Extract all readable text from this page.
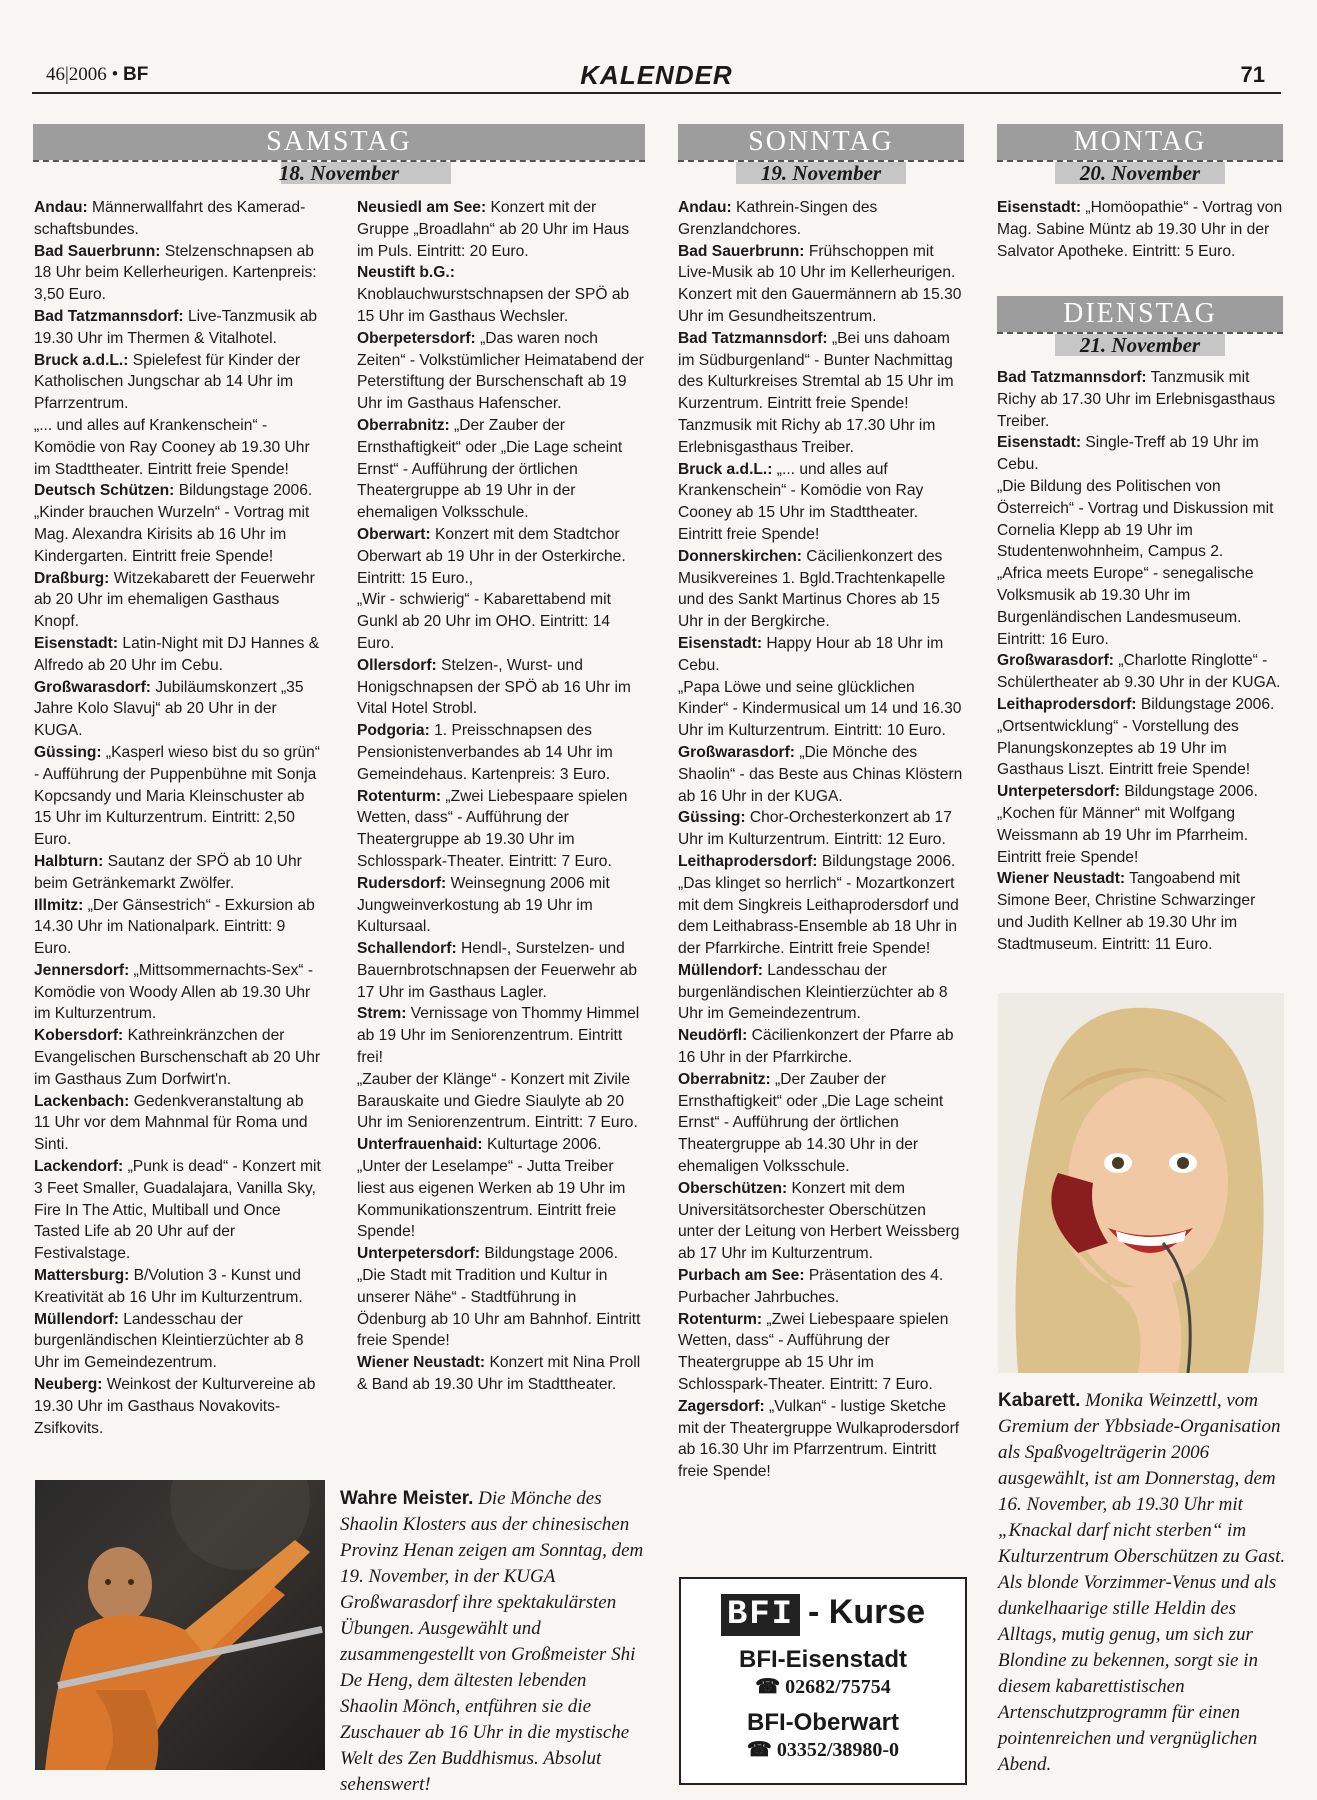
46|2006 • BF	KALENDER	71
SAMSTAG
18. November
SONNTAG
19. November
MONTAG
20. November
DIENSTAG
21. November

Andau: Männerwallfahrt des Kamerad-schaftsbundes.

Bad Sauerbrunn: Stelzenschnapsen ab 18 Uhr beim Kellerheurigen. Kartenpreis: 3,50 Euro.

Bad Tatzmannsdorf: Live-Tanzmusik ab 19.30 Uhr im Thermen & Vitalhotel.

Bruck a.d.L.: Spielefest für Kinder der Katholischen Jungschar ab 14 Uhr im Pfarrzentrum.

„... und alles auf Krankenschein“ - Komödie von Ray Cooney ab 19.30 Uhr im Stadttheater. Eintritt freie Spende!

Deutsch Schützen: Bildungstage 2006. „Kinder brauchen Wurzeln“ - Vortrag mit Mag. Alexandra Kirisits ab 16 Uhr im Kindergarten. Eintritt freie Spende!

Draßburg: Witzekabarett der Feuerwehr ab 20 Uhr im ehemaligen Gasthaus Knopf.

Eisenstadt: Latin-Night mit DJ Hannes & Alfredo ab 20 Uhr im Cebu.

Großwarasdorf: Jubiläumskonzert „35 Jahre Kolo Slavuj“ ab 20 Uhr in der KUGA.

Güssing: „Kasperl wieso bist du so grün“ - Aufführung der Puppenbühne mit Sonja Kopcsandy und Maria Kleinschuster ab 15 Uhr im Kulturzentrum. Eintritt: 2,50 Euro.

Halbturn: Sautanz der SPÖ ab 10 Uhr beim Getränkemarkt Zwölfer.

Illmitz: „Der Gänsestrich“ - Exkursion ab 14.30 Uhr im Nationalpark. Eintritt: 9 Euro.

Jennersdorf: „Mittsommernachts-Sex“ - Komödie von Woody Allen ab 19.30 Uhr im Kulturzentrum.

Kobersdorf: Kathreinkränzchen der Evangelischen Burschenschaft ab 20 Uhr im Gasthaus Zum Dorfwirt'n.

Lackenbach: Gedenkveranstaltung ab 11 Uhr vor dem Mahnmal für Roma und Sinti.

Lackendorf: „Punk is dead“ - Konzert mit 3 Feet Smaller, Guadalajara, Vanilla Sky, Fire In The Attic, Multiball und Once Tasted Life ab 20 Uhr auf der Festivalstage.

Mattersburg: B/Volution 3 - Kunst und Kreativität ab 16 Uhr im Kulturzentrum.

Müllendorf: Landesschau der burgenländischen Kleintierzüchter ab 8 Uhr im Gemeindezentrum.

Neuberg: Weinkost der Kulturvereine ab 19.30 Uhr im Gasthaus Novakovits-Zsifkovits.

Neusiedl am See: Konzert mit der Gruppe „Broadlahn“ ab 20 Uhr im Haus im Puls. Eintritt: 20 Euro.

Neustift b.G.: Knoblauchwurstschnapsen der SPÖ ab 15 Uhr im Gasthaus Wechsler.

Oberpetersdorf: „Das waren noch Zeiten“ - Volkstümlicher Heimatabend der Peterstiftung der Burschenschaft ab 19 Uhr im Gasthaus Hafenscher.

Oberrabnitz: „Der Zauber der Ernsthaftigkeit“ oder „Die Lage scheint Ernst“ - Aufführung der örtlichen Theatergruppe ab 19 Uhr in der ehemaligen Volksschule.

Oberwart: Konzert mit dem Stadtchor Oberwart ab 19 Uhr in der Osterkirche. Eintritt: 15 Euro.,

„Wir - schwierig“ - Kabarettabend mit Gunkl ab 20 Uhr im OHO. Eintritt: 14 Euro.

Ollersdorf: Stelzen-, Wurst- und Honigschnapsen der SPÖ ab 16 Uhr im Vital Hotel Strobl.

Podgoria: 1. Preisschnapsen des Pensionistenverbandes ab 14 Uhr im Gemeindehaus. Kartenpreis: 3 Euro.

Rotenturm: „Zwei Liebespaare spielen Wetten, dass“ - Aufführung der Theatergruppe ab 19.30 Uhr im Schlosspark-Theater. Eintritt: 7 Euro.

Rudersdorf: Weinsegnung 2006 mit Jungweinverkostung ab 19 Uhr im Kultursaal.

Schallendorf: Hendl-, Surstelzen- und Bauernbrotschnapsen der Feuerwehr ab 17 Uhr im Gasthaus Lagler.

Strem: Vernissage von Thommy Himmel ab 19 Uhr im Seniorenzentrum. Eintritt frei!

„Zauber der Klänge“ - Konzert mit Zivile Barauskaite und Giedre Siaulyte ab 20 Uhr im Seniorenzentrum. Eintritt: 7 Euro.

Unterfrauenhaid: Kulturtage 2006. „Unter der Leselampe“ - Jutta Treiber liest aus eigenen Werken ab 19 Uhr im Kommunikationszentrum. Eintritt freie Spende!

Unterpetersdorf: Bildungstage 2006. „Die Stadt mit Tradition und Kultur in unserer Nähe“ - Stadtführung in Ödenburg ab 10 Uhr am Bahnhof. Eintritt freie Spende!

Wiener Neustadt: Konzert mit Nina Proll & Band ab 19.30 Uhr im Stadttheater.

Andau: Kathrein-Singen des Grenzlandchores.

Bad Sauerbrunn: Frühschoppen mit Live-Musik ab 10 Uhr im Kellerheurigen.

Konzert mit den Gauermännern ab 15.30 Uhr im Gesundheitszentrum.

Bad Tatzmannsdorf: „Bei uns dahoam im Südburgenland“ - Bunter Nachmittag des Kulturkreises Stremtal ab 15 Uhr im Kurzentrum. Eintritt freie Spende!

Tanzmusik mit Richy ab 17.30 Uhr im Erlebnisgasthaus Treiber.

Bruck a.d.L.: „... und alles auf Krankenschein“ - Komödie von Ray Cooney ab 15 Uhr im Stadttheater. Eintritt freie Spende!

Donnerskirchen: Cäcilienkonzert des Musikvereines 1. Bgld.Trachtenkapelle und des Sankt Martinus Chores ab 15 Uhr in der Bergkirche.

Eisenstadt: Happy Hour ab 18 Uhr im Cebu.

„Papa Löwe und seine glücklichen Kinder“ - Kindermusical um 14 und 16.30 Uhr im Kulturzentrum. Eintritt: 10 Euro.

Großwarasdorf: „Die Mönche des Shaolin“ - das Beste aus Chinas Klöstern ab 16 Uhr in der KUGA.

Güssing: Chor-Orchesterkonzert ab 17 Uhr im Kulturzentrum. Eintritt: 12 Euro.

Leithaprodersdorf: Bildungstage 2006. „Das klinget so herrlich“ - Mozartkonzert mit dem Singkreis Leithaprodersdorf und dem Leithabrass-Ensemble ab 18 Uhr in der Pfarrkirche. Eintritt freie Spende!

Müllendorf: Landesschau der burgenländischen Kleintierzüchter ab 8 Uhr im Gemeindezentrum.

Neudörfl: Cäcilienkonzert der Pfarre ab 16 Uhr in der Pfarrkirche.

Oberrabnitz: „Der Zauber der Ernsthaftigkeit“ oder „Die Lage scheint Ernst“ - Aufführung der örtlichen Theatergruppe ab 14.30 Uhr in der ehemaligen Volksschule.

Oberschützen: Konzert mit dem Universitätsorchester Oberschützen unter der Leitung von Herbert Weissberg ab 17 Uhr im Kulturzentrum.

Purbach am See: Präsentation des 4. Purbacher Jahrbuches.

Rotenturm: „Zwei Liebespaare spielen Wetten, dass“ - Aufführung der Theatergruppe ab 15 Uhr im Schlosspark-Theater. Eintritt: 7 Euro.

Zagersdorf: „Vulkan“ - lustige Sketche mit der Theatergruppe Wulkaprodersdorf ab 16.30 Uhr im Pfarrzentrum. Eintritt freie Spende!

Eisenstadt: „Homöopathie“ - Vortrag von Mag. Sabine Müntz ab 19.30 Uhr in der Salvator Apotheke. Eintritt: 5 Euro.

Bad Tatzmannsdorf: Tanzmusik mit Richy ab 17.30 Uhr im Erlebnisgasthaus Treiber.

Eisenstadt: Single-Treff ab 19 Uhr im Cebu.

„Die Bildung des Politischen von Österreich“ - Vortrag und Diskussion mit Cornelia Klepp ab 19 Uhr im Studentenwohnheim, Campus 2.

„Africa meets Europe“ - senegalische Volksmusik ab 19.30 Uhr im Burgenländischen Landesmuseum. Eintritt: 16 Euro.

Großwarasdorf: „Charlotte Ringlotte“ - Schülertheater ab 9.30 Uhr in der KUGA.

Leithaprodersdorf: Bildungstage 2006. „Ortsentwicklung“ - Vorstellung des Planungskonzeptes ab 19 Uhr im Gasthaus Liszt. Eintritt freie Spende!

Unterpetersdorf: Bildungstage 2006. „Kochen für Männer“ mit Wolfgang Weissmann ab 19 Uhr im Pfarrheim. Eintritt freie Spende!

Wiener Neustadt: Tangoabend mit Simone Beer, Christine Schwarzinger und Judith Kellner ab 19.30 Uhr im Stadtmuseum. Eintritt: 11 Euro.

Wahre Meister. Die Mönche des Shaolin Klosters aus der chinesischen Provinz Henan zeigen am Sonntag, dem 19. November, in der KUGA Großwarasdorf ihre spektakulärsten Übungen. Ausgewählt und zusammengestellt von Großmeister Shi De Heng, dem ältesten lebenden Shaolin Mönch, entführen sie die Zuschauer ab 16 Uhr in die mystische Welt des Zen Buddhismus. Absolut sehenswert!
BFI - Kurse
BFI-Eisenstadt
☎ 02682/75754
BFI-Oberwart
☎ 03352/38980-0
Kabarett. Monika Weinzettl, vom Gremium der Ybbsiade-Organisation als Spaßvogelträgerin 2006 ausgewählt, ist am Donnerstag, dem 16. November, ab 19.30 Uhr mit „Knackal darf nicht sterben“ im Kulturzentrum Oberschützen zu Gast. Als blonde Vorzimmer-Venus und als dunkelhaarige stille Heldin des Alltags, mutig genug, um sich zur Blondine zu bekennen, sorgt sie in diesem kabarettistischen Artenschutzprogramm für einen pointenreichen und vergnüglichen Abend.
